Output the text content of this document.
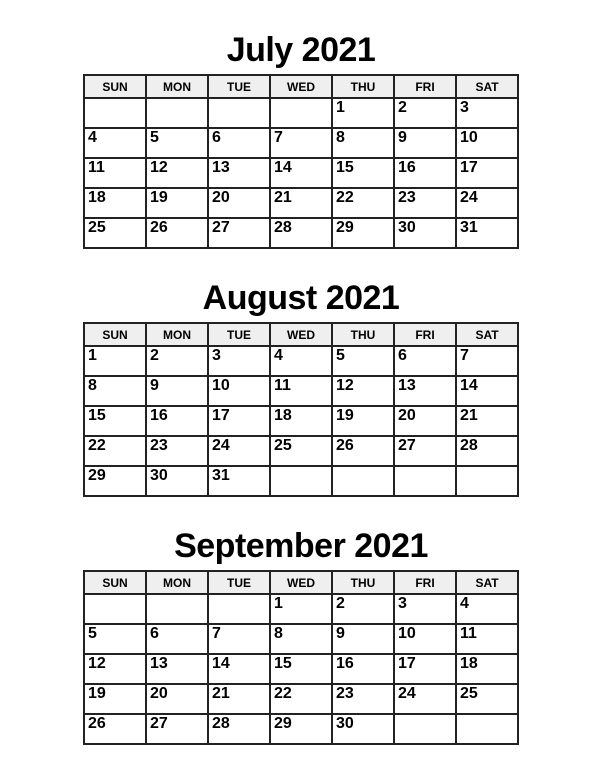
July 2021
SUN	MON	TUE	WED	THU	FRI	SAT

				1	2	3

4	5	6	7	8	9	10

11	12	13	14	15	16	17

18	19	20	21	22	23	24

25	26	27	28	29	30	31
August 2021
SUN	MON	TUE	WED	THU	FRI	SAT

1	2	3	4	5	6	7

8	9	10	11	12	13	14

15	16	17	18	19	20	21

22	23	24	25	26	27	28

29	30	31				

September 2021
SUN	MON	TUE	WED	THU	FRI	SAT

			1	2	3	4

5	6	7	8	9	10	11

12	13	14	15	16	17	18

19	20	21	22	23	24	25

26	27	28	29	30		
